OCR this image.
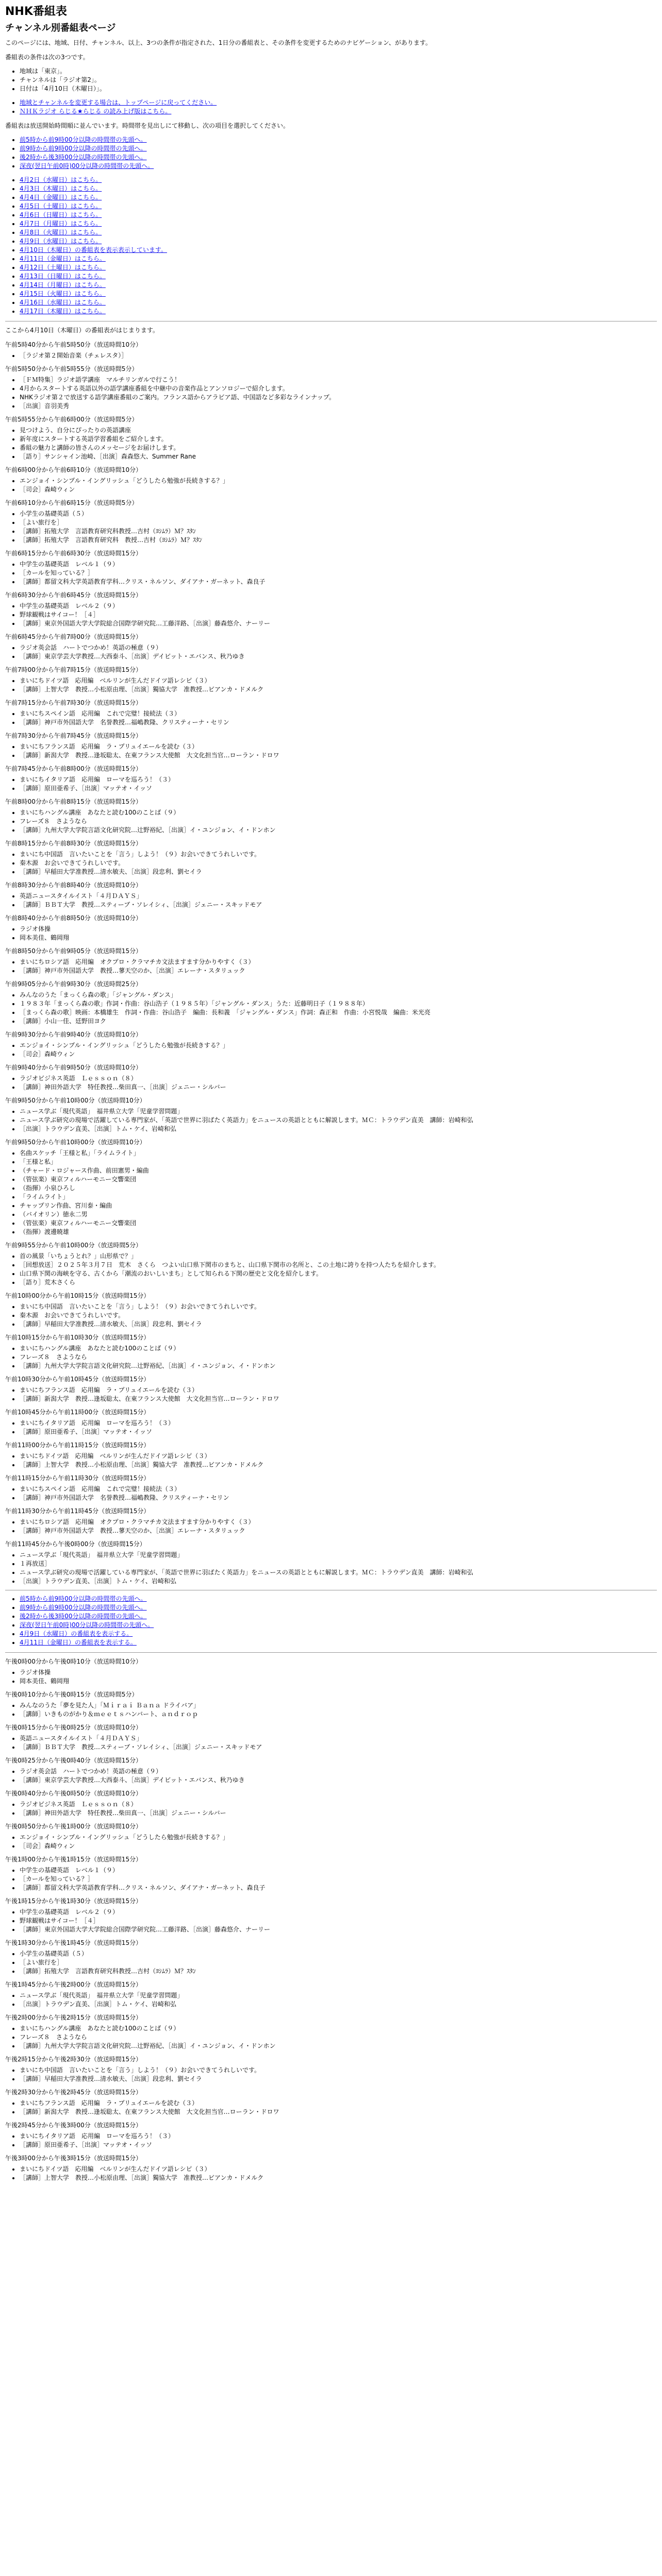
NHK番組表
チャンネル別番組表ページ

このページには、地域、日付、チャンネル、以上、3つの条件が指定された、1日分の番組表と、その条件を変更するためのナビゲーション、があります。

番組表の条件は次の3つです。

• 地域は「東京」。
• チャンネルは「ラジオ第2」。
• 日付は「4月10日（木曜日）」。
• 地域とチャンネルを変更する場合は、トップページに戻ってください。
• ＮＨＫラジオ らじる★らじる の読み上げ版はこちら。

番組表は放送開始時間順に並んでいます。時間帯を見出しにて移動し、次の項目を選択してください。

• 前5時から前9時00分以降の時間帯の先頭へ。
• 前9時から前9時00分以降の時間帯の先頭へ。
• 後2時から後3時00分以降の時間帯の先頭へ。
• 深夜(翌日午前0時)00分以降の時間帯の先頭へ。
• 4月2日（水曜日）はこちら。
• 4月3日（木曜日）はこちら。
• 4月4日（金曜日）はこちら。
• 4月5日（土曜日）はこちら。
• 4月6日（日曜日）はこちら。
• 4月7日（月曜日）はこちら。
• 4月8日（火曜日）はこちら。
• 4月9日（水曜日）はこちら。
• 4月10日（木曜日）の番組表を表示表示しています。
• 4月11日（金曜日）はこちら。
• 4月12日（土曜日）はこちら。
• 4月13日（日曜日）はこちら。
• 4月14日（月曜日）はこちら。
• 4月15日（火曜日）はこちら。
• 4月16日（水曜日）はこちら。
• 4月17日（木曜日）はこちら。

ここから4月10日（木曜日）の番組表がはじまります。

午前5時40分から午前5時50分（放送時間10分）
• ［ラジオ第２開始音楽（チェレスタ）］
午前5時50分から午前5時55分（放送時間5分）
• ［ＦＭ特集］ラジオ語学講座　マルチリンガルで行こう！
• 4月からスタートする英語以外の語学講座番組を中継中の音楽作品とアンソロジーで紹介します。
• NHKラジオ第２で放送する語学講座番組のご案内。フランス語からアラビア語、中国語など多彩なラインナップ。
• ［出演］音羽美秀
午前5時55分から午前6時00分（放送時間5分）
• 見つけよう、自分にぴったりの英語講座
• 新年度にスタートする英語学習番組をご紹介します。
• 番組の魅力と講師の皆さんのメッセージをお届けします。
• ［語り］サンシャイン池崎、［出演］森森悠大、Summer Rane
午前6時00分から午前6時10分（放送時間10分）
• エンジョイ・シンプル・イングリッシュ「どうしたら勉強が長続きする？」
• ［司会］森崎ウィン
午前6時10分から午前6時15分（放送時間5分）
• 小学生の基礎英語（５）
• ［よい旅行を］
• ［講師］拓殖大学　言語教育研究科教授…吉村（ﾖｼﾑﾗ）Ｍ？ｽﾀﾝ
• ［講師］拓殖大学　言語教育研究科　教授…吉村（ﾖｼﾑﾗ）Ｍ？ｽﾀﾝ
午前6時15分から午前6時30分（放送時間15分）
• 中学生の基礎英語　レベル１（９）
• ［カールを知っている？］
• ［講師］都留文科大学英語教育学科…クリス・ネルソン、ダイアナ・ガーネット、森良子
午前6時30分から午前6時45分（放送時間15分）
• 中学生の基礎英語　レベル２（９）
• 野球観戦はサイコー！［４］
• ［講師］東京外国語大学大学院総合国際学研究院…工藤洋路、［出演］藤森悠介、ナーリー
午前6時45分から午前7時00分（放送時間15分）
• ラジオ英会話　ハートでつかめ！英語の極意（９）
• ［講師］東京学芸大学教授…大西泰斗、［出演］デイビット・エバンス、秋乃ゆき
午前7時00分から午前7時15分（放送時間15分）
• まいにちドイツ語　応用編　ベルリンが生んだドイツ語レシピ（３）
• ［講師］上智大学　教授…小松原由理、［出演］獨協大学　准教授…ビアンカ・ドメルク
午前7時15分から午前7時30分（放送時間15分）
• まいにちスペイン語　応用編　これで完璧！接続法（３）
• ［講師］神戸市外国語大学　名誉教授…福嶋教隆、クリスティーナ・セリン
午前7時30分から午前7時45分（放送時間15分）
• まいにちフランス語　応用編　ラ・プリュイエールを読む（３）
• ［講師］新潟大学　教授…逢坂聡太、在東フランス大使館　大文化担当官…ローラン・ドロワ
午前7時45分から午前8時00分（放送時間15分）
• まいにちイタリア語　応用編　ローマを巡ろう！（３）
• ［講師］原田亜希子、［出演］マッテオ・イッソ
午前8時00分から午前8時15分（放送時間15分）
• まいにちハングル講座　あなたと読む100のことば（９）
• フレーズ８　さようなら
• ［講師］九州大学大学院言語文化研究院…辻野裕紀、［出演］イ・ユンジョン、イ・ドンホン
午前8時15分から午前8時30分（放送時間15分）
• まいにち中国語　言いたいことを「言う」しよう！（９）お会いできてうれしいです。
• 秦木源　お会いできてうれしいです。
• ［講師］早稲田大学准教授…清水敏夫、［出演］段忠利、劉セイラ
午前8時30分から午前8時40分（放送時間10分）
• 英語ニュースタイルイスト「４月ＤＡＹＳ」
• ［講師］ＢＢＴ大学　教授…スティーブ・ソレイシィ、［出演］ジェニー・スキッドモア
午前8時40分から午前8時50分（放送時間10分）
• ラジオ体操
• 岡本美佳、鶴岡翔
午前8時50分から午前9時05分（放送時間15分）
• まいにちロシア語　応用編　オクプロ・クラマチカ文法ますます分かりやすく（３）
• ［講師］神戸市外国語大学　教授…蓼天空のか、［出演］エレーナ・スタリュック
午前9時05分から午前9時30分（放送時間25分）
• みんなのうた「まっくら森の歌」「ジャングル・ダンス」
• １９８３年「まっくら森の歌」作詞・作曲：谷山浩子（１９８５年）「ジャングル・ダンス」うた：近藤明日子（１９８８年）
• ［まっくら森の歌］映画：本橋雄生　作詞・作曲：谷山浩子　編曲：長和義　「ジャングル・ダンス」作詞：森正和　作曲：小宮悦哉　編曲：米光亮
• ［講師］小山一佳、廷野田ヨク
午前9時30分から午前9時40分（放送時間10分）
• エンジョイ・シンプル・イングリッシュ「どうしたら勉強が長続きする？」
• ［司会］森崎ウィン
午前9時40分から午前9時50分（放送時間10分）
• ラジオビジネス英語　Ｌｅｓｓｏｎ（８）
• ［講師］神田外語大学　特任教授…柴田真一、［出演］ジェニー・シルバー
午前9時50分から午前10時00分（放送時間10分）
• ニュース学ぶ「現代英語」　福井県立大学「児童学習問題」
• ニュース学ぶ研究の現場で活躍している専門家が、「英語で世界に羽ばたく英語力」をニュースの英語とともに解説します。ＭＣ：トラウデン直美　講師：岩崎和弘
• ［出演］トラウデン直美、［出演］トム・ケイ、岩崎和弘
午前9時50分から午前10時00分（放送時間10分）
• 名曲スケッチ「王様と私」「ライムライト」
• 「王様と私」
• （チャード・ロジャース作曲、前田憲男・編曲
• （管弦楽）東京フィルハーモニー交響楽団
• （指揮）小泉ひろし
• 「ライムライト」
• チャップリン作曲、宮川泰・編曲
• （バイオリン）徳永二男
• （管弦楽）東京フィルハーモニー交響楽団
• （指揮）渡邊暁雄
午前9時55分から午前10時00分（放送時間5分）
• 首の風景「いちょうとれ？」山形県で？」
• ［回想放送］２０２５年３月７日　荒木　さくら　つよい山口県下関市のまちと、山口県下関市の名所と、この土地に誇りを持つ人たちを紹介します。
• 山口県下関の海峡を守る、古くから「潮流のおいしいまち」として知られる下関の歴史と文化を紹介します。
• ［語り］荒木さくら
午前10時00分から午前10時15分（放送時間15分）
• まいにち中国語　言いたいことを「言う」しよう！（９）お会いできてうれしいです。
• 秦木源　お会いできてうれしいです。
• ［講師］早稲田大学准教授…清水敏夫、［出演］段忠利、劉セイラ
午前10時15分から午前10時30分（放送時間15分）
• まいにちハングル講座　あなたと読む100のことば（９）
• フレーズ８　さようなら
• ［講師］九州大学大学院言語文化研究院…辻野裕紀、［出演］イ・ユンジョン、イ・ドンホン
午前10時30分から午前10時45分（放送時間15分）
• まいにちフランス語　応用編　ラ・プリュイエールを読む（３）
• ［講師］新潟大学　教授…逢坂聡太、在東フランス大使館　大文化担当官…ローラン・ドロワ
午前10時45分から午前11時00分（放送時間15分）
• まいにちイタリア語　応用編　ローマを巡ろう！（３）
• ［講師］原田亜希子、［出演］マッテオ・イッソ
午前11時00分から午前11時15分（放送時間15分）
• まいにちドイツ語　応用編　ベルリンが生んだドイツ語レシピ（３）
• ［講師］上智大学　教授…小松原由理、［出演］獨協大学　准教授…ビアンカ・ドメルク
午前11時15分から午前11時30分（放送時間15分）
• まいにちスペイン語　応用編　これで完璧！接続法（３）
• ［講師］神戸市外国語大学　名誉教授…福嶋教隆、クリスティーナ・セリン
午前11時30分から午前11時45分（放送時間15分）
• まいにちロシア語　応用編　オクプロ・クラマチカ文法ますます分かりやすく（３）
• ［講師］神戸市外国語大学　教授…蓼天空のか、［出演］エレーナ・スタリュック
午前11時45分から午後0時00分（放送時間15分）
• ニュース学ぶ「現代英語」　福井県立大学「児童学習問題」
• １再放送］
• ニュース学ぶ研究の現場で活躍している専門家が、「英語で世界に羽ばたく英語力」をニュースの英語とともに解説します。ＭＣ：トラウデン直美　講師：岩崎和弘
• ［出演］トラウデン直美、［出演］トム・ケイ、岩崎和弘
• 前5時から前9時00分以降の時間帯の先頭へ。
• 前9時から前9時00分以降の時間帯の先頭へ。
• 後2時から後3時00分以降の時間帯の先頭へ。
• 深夜(翌日午前0時)00分以降の時間帯の先頭へ。
• 4月9日（水曜日）の番組表を表示する。
• 4月11日（金曜日）の番組表を表示する。
午後0時00分から午後0時10分（放送時間10分）
• ラジオ体操
• 岡本美佳、鶴岡翔
午後0時10分から午後0時15分（放送時間5分）
• みんなのうた「夢を見た人」「Ｍｉｒａｉ Ｂａｎａ ドライバア」
• ［講師］いきものがかり＆ｍｅｅｔｓハンバート、ａｎｄｒｏｐ
午後0時15分から午後0時25分（放送時間10分）
• 英語ニュースタイルイスト「４月ＤＡＹＳ」
• ［講師］ＢＢＴ大学　教授…スティーブ・ソレイシィ、［出演］ジェニー・スキッドモア
午後0時25分から午後0時40分（放送時間15分）
• ラジオ英会話　ハートでつかめ！英語の極意（９）
• ［講師］東京学芸大学教授…大西泰斗、［出演］デイビット・エバンス、秋乃ゆき
午後0時40分から午後0時50分（放送時間10分）
• ラジオビジネス英語　Ｌｅｓｓｏｎ（８）
• ［講師］神田外語大学　特任教授…柴田真一、［出演］ジェニー・シルバー
午後0時50分から午後1時00分（放送時間10分）
• エンジョイ・シンプル・イングリッシュ「どうしたら勉強が長続きする？」
• ［司会］森崎ウィン
午後1時00分から午後1時15分（放送時間15分）
• 中学生の基礎英語　レベル１（９）
• ［カールを知っている？］
• ［講師］都留文科大学英語教育学科…クリス・ネルソン、ダイアナ・ガーネット、森良子
午後1時15分から午後1時30分（放送時間15分）
• 中学生の基礎英語　レベル２（９）
• 野球観戦はサイコー！［４］
• ［講師］東京外国語大学大学院総合国際学研究院…工藤洋路、［出演］藤森悠介、ナーリー
午後1時30分から午後1時45分（放送時間15分）
• 小学生の基礎英語（５）
• ［よい旅行を］
• ［講師］拓殖大学　言語教育研究科教授…吉村（ﾖｼﾑﾗ）Ｍ？ｽﾀﾝ
午後1時45分から午後2時00分（放送時間15分）
• ニュース学ぶ「現代英語」　福井県立大学「児童学習問題」
• ［出演］トラウデン直美、［出演］トム・ケイ、岩崎和弘
午後2時00分から午後2時15分（放送時間15分）
• まいにちハングル講座　あなたと読む100のことば（９）
• フレーズ８　さようなら
• ［講師］九州大学大学院言語文化研究院…辻野裕紀、［出演］イ・ユンジョン、イ・ドンホン
午後2時15分から午後2時30分（放送時間15分）
• まいにち中国語　言いたいことを「言う」しよう！（９）お会いできてうれしいです。
• ［講師］早稲田大学准教授…清水敏夫、［出演］段忠利、劉セイラ
午後2時30分から午後2時45分（放送時間15分）
• まいにちフランス語　応用編　ラ・プリュイエールを読む（３）
• ［講師］新潟大学　教授…逢坂聡太、在東フランス大使館　大文化担当官…ローラン・ドロワ
午後2時45分から午後3時00分（放送時間15分）
• まいにちイタリア語　応用編　ローマを巡ろう！（３）
• ［講師］原田亜希子、［出演］マッテオ・イッソ
午後3時00分から午後3時15分（放送時間15分）
• まいにちドイツ語　応用編　ベルリンが生んだドイツ語レシピ（３）
• ［講師］上智大学　教授…小松原由理、［出演］獨協大学　准教授…ビアンカ・ドメルク
